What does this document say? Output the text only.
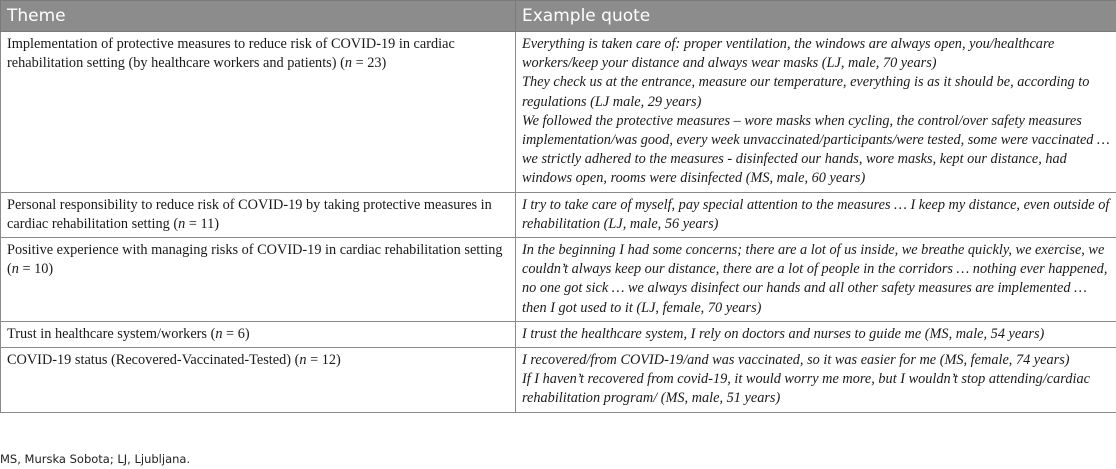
Theme	Example quote
Implementation of protective measures to reduce risk of COVID-19 in cardiac rehabilitation setting (by healthcare workers and patients) (n = 23)	Everything is taken care of: proper ventilation, the windows are always open, you/healthcare workers/keep your distance and always wear masks (LJ, male, 70 years)
They check us at the entrance, measure our temperature, everything is as it should be, according to regulations (LJ male, 29 years)
We followed the protective measures – wore masks when cycling, the control/over safety measures implementation/was good, every week unvaccinated/participants/were tested, some were vaccinated … we strictly adhered to the measures - disinfected our hands, wore masks, kept our distance, had windows open, rooms were disinfected (MS, male, 60 years)

Personal responsibility to reduce risk of COVID-19 by taking protective measures in cardiac rehabilitation setting (n = 11)	I try to take care of myself, pay special attention to the measures … I keep my distance, even outside of rehabilitation (LJ, male, 56 years)

Positive experience with managing risks of COVID-19 in cardiac rehabilitation setting (n = 10)	In the beginning I had some concerns; there are a lot of us inside, we breathe quickly, we exercise, we couldn’t always keep our distance, there are a lot of people in the corridors … nothing ever happened, no one got sick … we always disinfect our hands and all other safety measures are implemented … then I got used to it (LJ, female, 70 years)

Trust in healthcare system/workers (n = 6)	I trust the healthcare system, I rely on doctors and nurses to guide me (MS, male, 54 years)

COVID-19 status (Recovered-Vaccinated-Tested) (n = 12)	I recovered/from COVID-19/and was vaccinated, so it was easier for me (MS, female, 74 years)
If I haven’t recovered from covid-19, it would worry me more, but I wouldn’t stop attending/cardiac rehabilitation program/ (MS, male, 51 years)
MS, Murska Sobota; LJ, Ljubljana.
